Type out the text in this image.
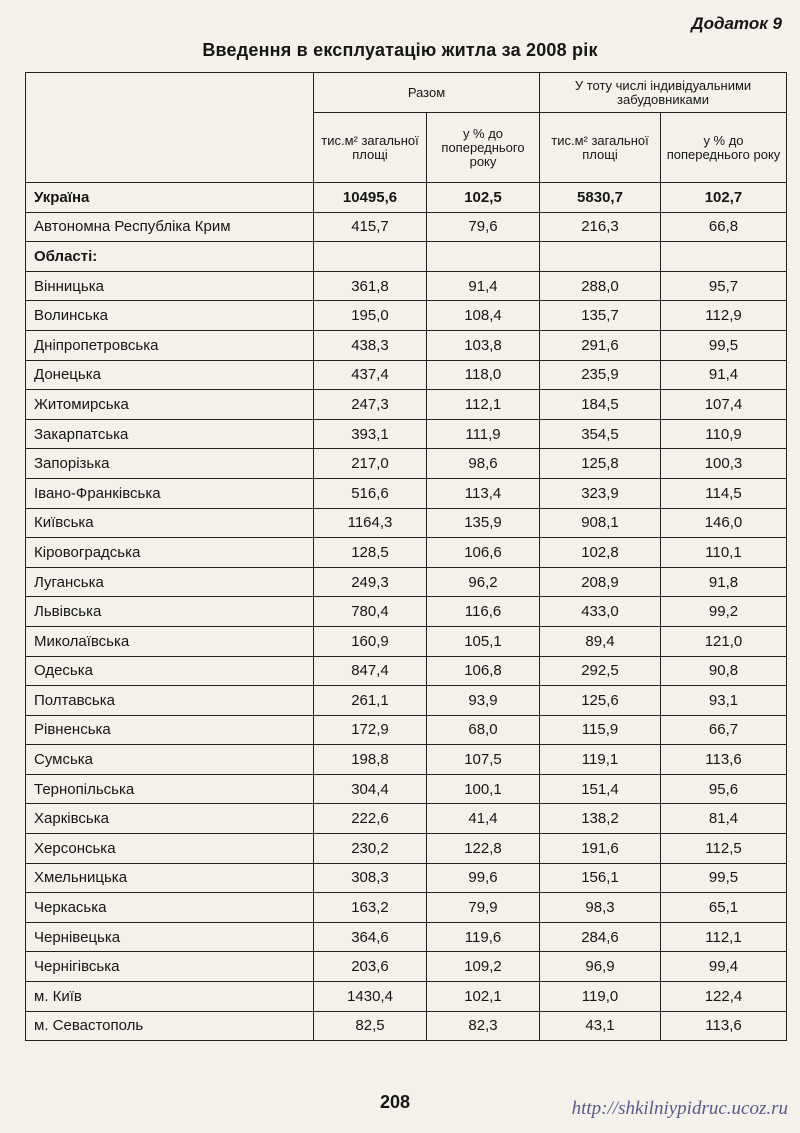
Додаток 9
Введення в експлуатацію житла за 2008 рік
	Разом		У тоту числі індивідуальними забудовниками	
	тис.м² загальної площі	у % до попереднього року	тис.м² загальної площі	у % до попереднього року
Україна	10495,6	102,5	5830,7	102,7
Автономна Республіка Крим	415,7	79,6	216,3	66,8
Області:				
Вінницька	361,8	91,4	288,0	95,7
Волинська	195,0	108,4	135,7	112,9
Дніпропетровська	438,3	103,8	291,6	99,5
Донецька	437,4	118,0	235,9	91,4
Житомирська	247,3	112,1	184,5	107,4
Закарпатська	393,1	111,9	354,5	110,9
Запорізька	217,0	98,6	125,8	100,3
Івано-Франківська	516,6	113,4	323,9	114,5
Київська	1164,3	135,9	908,1	146,0
Кіровоградська	128,5	106,6	102,8	110,1
Луганська	249,3	96,2	208,9	91,8
Львівська	780,4	116,6	433,0	99,2
Миколаївська	160,9	105,1	89,4	121,0
Одеська	847,4	106,8	292,5	90,8
Полтавська	261,1	93,9	125,6	93,1
Рівненська	172,9	68,0	115,9	66,7
Сумська	198,8	107,5	119,1	113,6
Тернопільська	304,4	100,1	151,4	95,6
Харківська	222,6	41,4	138,2	81,4
Херсонська	230,2	122,8	191,6	112,5
Хмельницька	308,3	99,6	156,1	99,5
Черкаська	163,2	79,9	98,3	65,1
Чернівецька	364,6	119,6	284,6	112,1
Чернігівська	203,6	109,2	96,9	99,4
м. Київ	1430,4	102,1	119,0	122,4
м. Севастополь	82,5	82,3	43,1	113,6
208	http://shkilniypidruc.ucoz.ru
